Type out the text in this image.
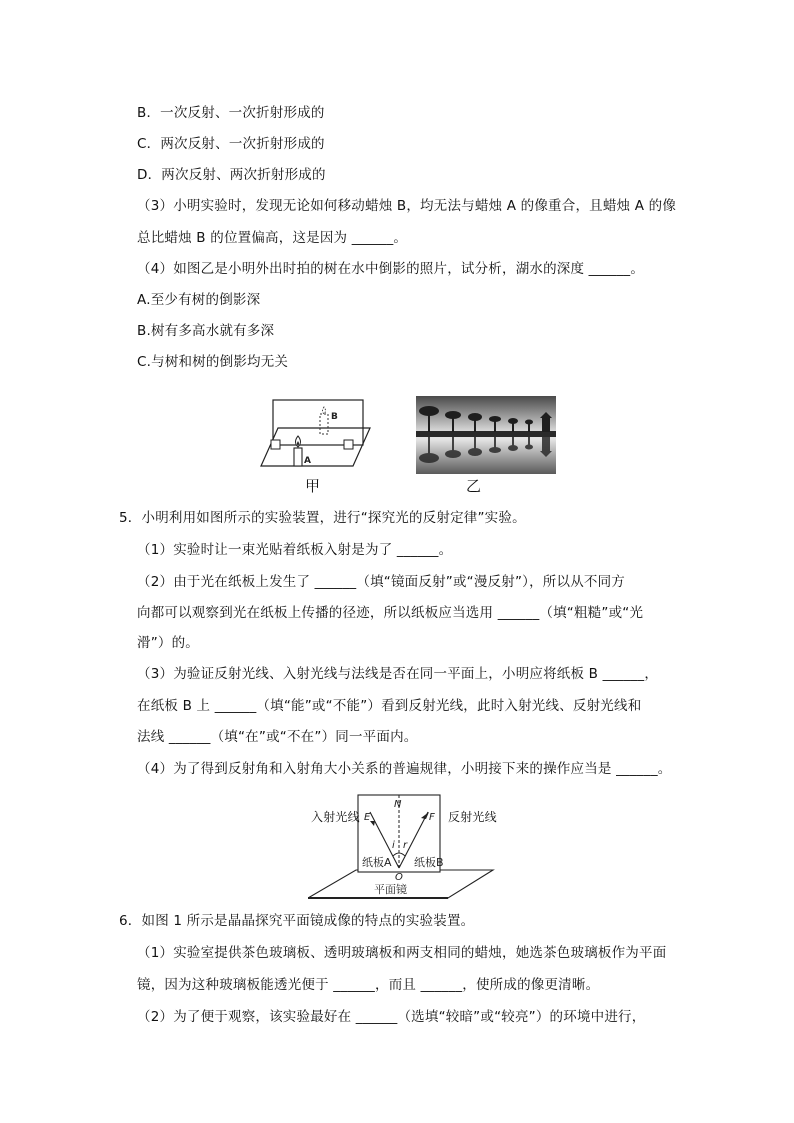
B．一次反射、一次折射形成的
C．两次反射、一次折射形成的
D．两次反射、两次折射形成的
（3）小明实验时，发现无论如何移动蜡烛 B，均无法与蜡烛 A 的像重合，且蜡烛 A 的像
总比蜡烛 B 的位置偏高，这是因为 ______。
（4）如图乙是小明外出时拍的树在水中倒影的照片，试分析，湖水的深度 ______。
A.至少有树的倒影深
B.树有多高水就有多深
C.与树和树的倒影均无关
B
A
甲	乙
5．小明利用如图所示的实验装置，进行“探究光的反射定律”实验。
（1）实验时让一束光贴着纸板入射是为了 ______。
（2）由于光在纸板上发生了 ______（填“镜面反射”或“漫反射”），所以从不同方
向都可以观察到光在纸板上传播的径迹，所以纸板应当选用 ______（填“粗糙”或“光
滑”）的。
（3）为验证反射光线、入射光线与法线是否在同一平面上，小明应将纸板 B ______，
在纸板 B 上 ______（填“能”或“不能”）看到反射光线，此时入射光线、反射光线和
法线 ______（填“在”或“不在”）同一平面内。
（4）为了得到反射角和入射角大小关系的普遍规律，小明接下来的操作应当是 ______。
N
E	F
i r
纸板A 纸板B
O
平面镜
入射光线	反射光线
6．如图 1 所示是晶晶探究平面镜成像的特点的实验装置。
（1）实验室提供茶色玻璃板、透明玻璃板和两支相同的蜡烛，她选茶色玻璃板作为平面
镜，因为这种玻璃板能透光便于 ______，而且 ______，使所成的像更清晰。
（2）为了便于观察，该实验最好在 ______（选填“较暗”或“较亮”）的环境中进行，
